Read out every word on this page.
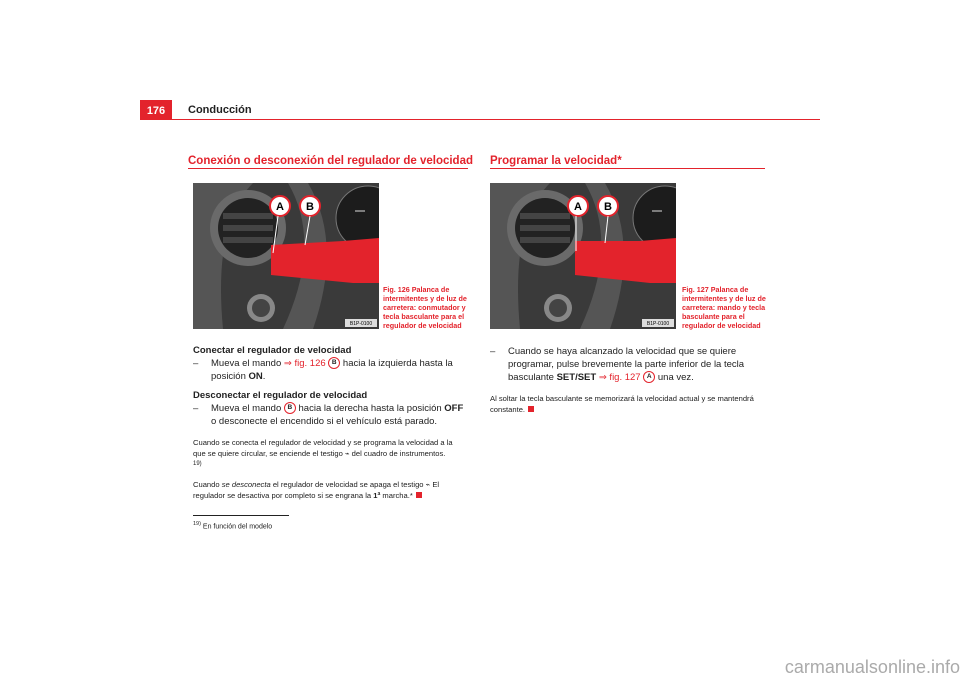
176	Conducción
Conexión o desconexión del regulador de velocidad
A B
B1P-0100
Fig. 126 Palanca de intermitentes y de luz de carretera: conmutador y tecla basculante para el regulador de velocidad
Conectar el regulador de velocidad
– Mueva el mando ⇒ fig. 126 B hacia la izquierda hasta la posición ON.
Desconectar el regulador de velocidad
– Mueva el mando B hacia la derecha hasta la posición OFF o desconecte el encendido si el vehículo está parado.
Cuando se conecta el regulador de velocidad y se programa la velocidad a la que se quiere circular, se enciende el testigo ⌁ del cuadro de instrumentos.
$^{19)}$
Cuando se desconecta el regulador de velocidad se apaga el testigo ⌁ El regulador se desactiva por completo si se engrana la 1ª marcha.*
$^{19)}$ En función del modelo
Programar la velocidad*
A B
B1P-0100
Fig. 127 Palanca de intermitentes y de luz de carretera: mando y tecla basculante para el regulador de velocidad
– Cuando se haya alcanzado la velocidad que se quiere programar, pulse brevemente la parte inferior de la tecla basculante SET/SET ⇒ fig. 127 A una vez.
Al soltar la tecla basculante se memorizará la velocidad actual y se mantendrá constante.
carmanualsonline.info
